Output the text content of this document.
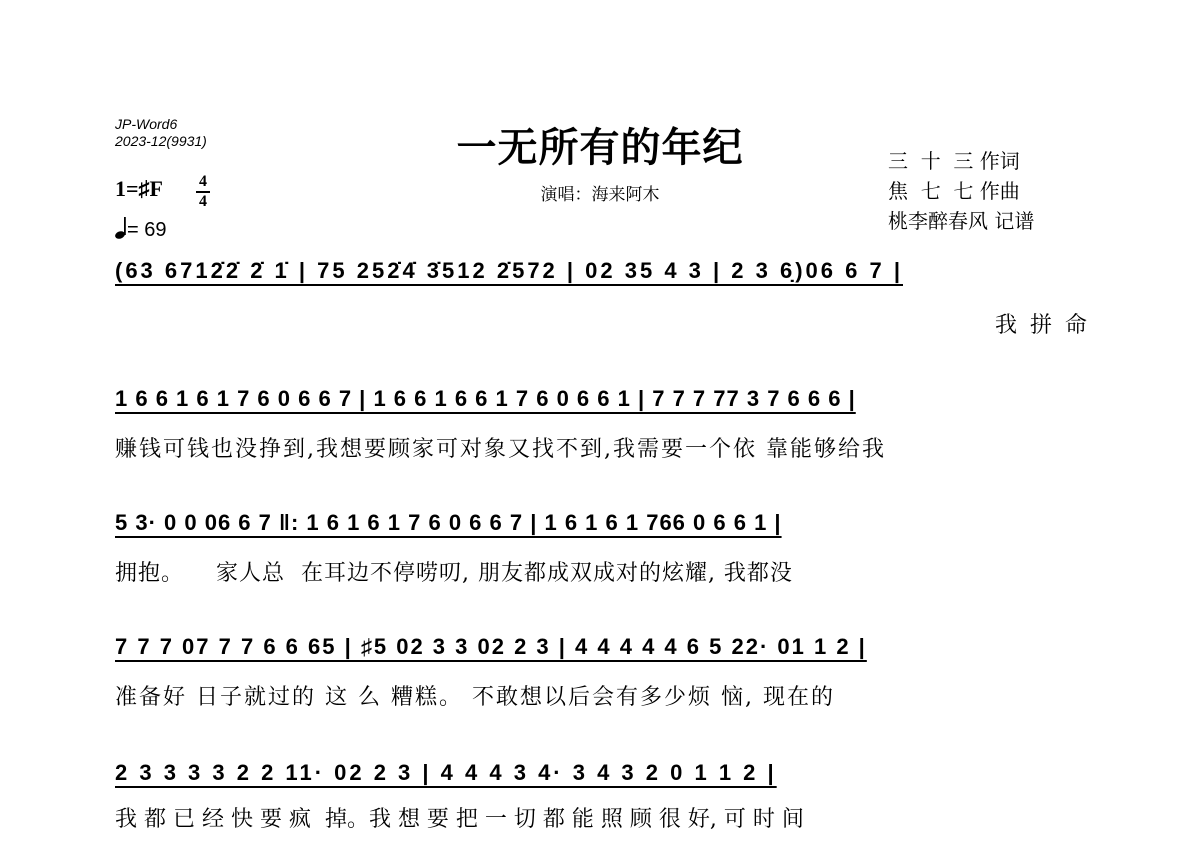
JP-Word6
2023-12(9931)	一无所有的年纪
演唱：海来阿木
三  十  三 作词
焦  七  七 作曲
桃李醉春风 记谱
1=♯F 4
4
= 69
(63 6712̇2̇ 2̇ 1̇ | 75 252̇4̇ 3̇512 2̇572 | 02 35 4 3 | 2 3 6̣)06 6 7 |
我 拼 命
1 6 6 1 6 1 7 6 0 6 6 7 | 1 6 6 1 6 6 1 7 6 0 6 6 1 | 7 7 7 77 3 7 6 6 6 |
赚钱可钱也没挣到,我想要顾家可对象又找不到,我需要一个依 靠能够给我
5 3· 0 0 06 6 7 ‖: 1 6 1 6 1 7 6 0 6 6 7 | 1 6 1 6 1 766 0 6 6 1 |
拥抱。    家人总  在耳边不停唠叨, 朋友都成双成对的炫耀, 我都没
7 7 7 07 7 7 6 6 65 | ♯5 02 3 3 02 2 3 | 4 4 4 4 4 6 5 22· 01 1 2 |
准备好 日子就过的 这 么 糟糕。 不敢想以后会有多少烦 恼, 现在的
2 3 3 3 3 2 2 11· 02 2 3 | 4 4 4 3 4· 3 4 3 2 0 1 1 2 |
我 都 已 经 快 要 疯  掉。我 想 要 把 一 切 都 能 照 顾 很 好, 可 时 间
